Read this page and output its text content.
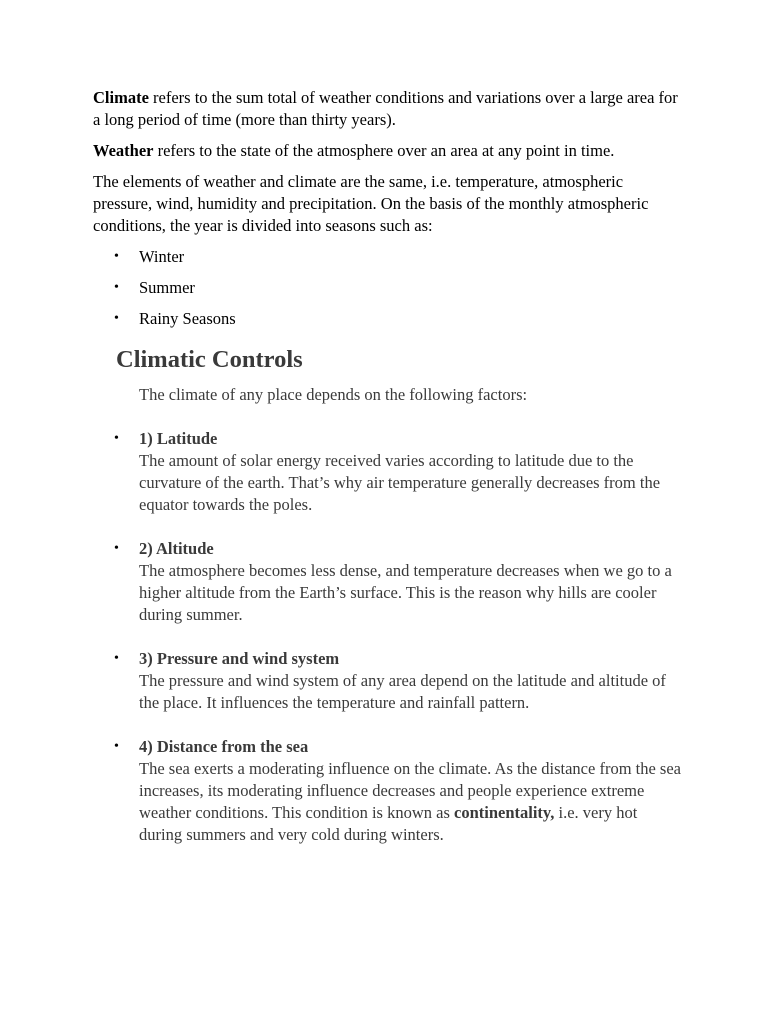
Climate refers to the sum total of weather conditions and variations over a large area for a long period of time (more than thirty years).

Weather refers to the state of the atmosphere over an area at any point in time.

The elements of weather and climate are the same, i.e. temperature, atmospheric pressure, wind, humidity and precipitation. On the basis of the monthly atmospheric conditions, the year is divided into seasons such as:

• Winter
• Summer
• Rainy Seasons
Climatic Controls

The climate of any place depends on the following factors:

• 1) Latitude
The amount of solar energy received varies according to latitude due to the curvature of the earth. That’s why air temperature generally decreases from the equator towards the poles.
• 2) Altitude
The atmosphere becomes less dense, and temperature decreases when we go to a higher altitude from the Earth’s surface. This is the reason why hills are cooler during summer.
• 3) Pressure and wind system
The pressure and wind system of any area depend on the latitude and altitude of the place. It influences the temperature and rainfall pattern.
• 4) Distance from the sea
The sea exerts a moderating influence on the climate. As the distance from the sea increases, its moderating influence decreases and people experience extreme weather conditions. This condition is known as continentality, i.e. very hot during summers and very cold during winters.
